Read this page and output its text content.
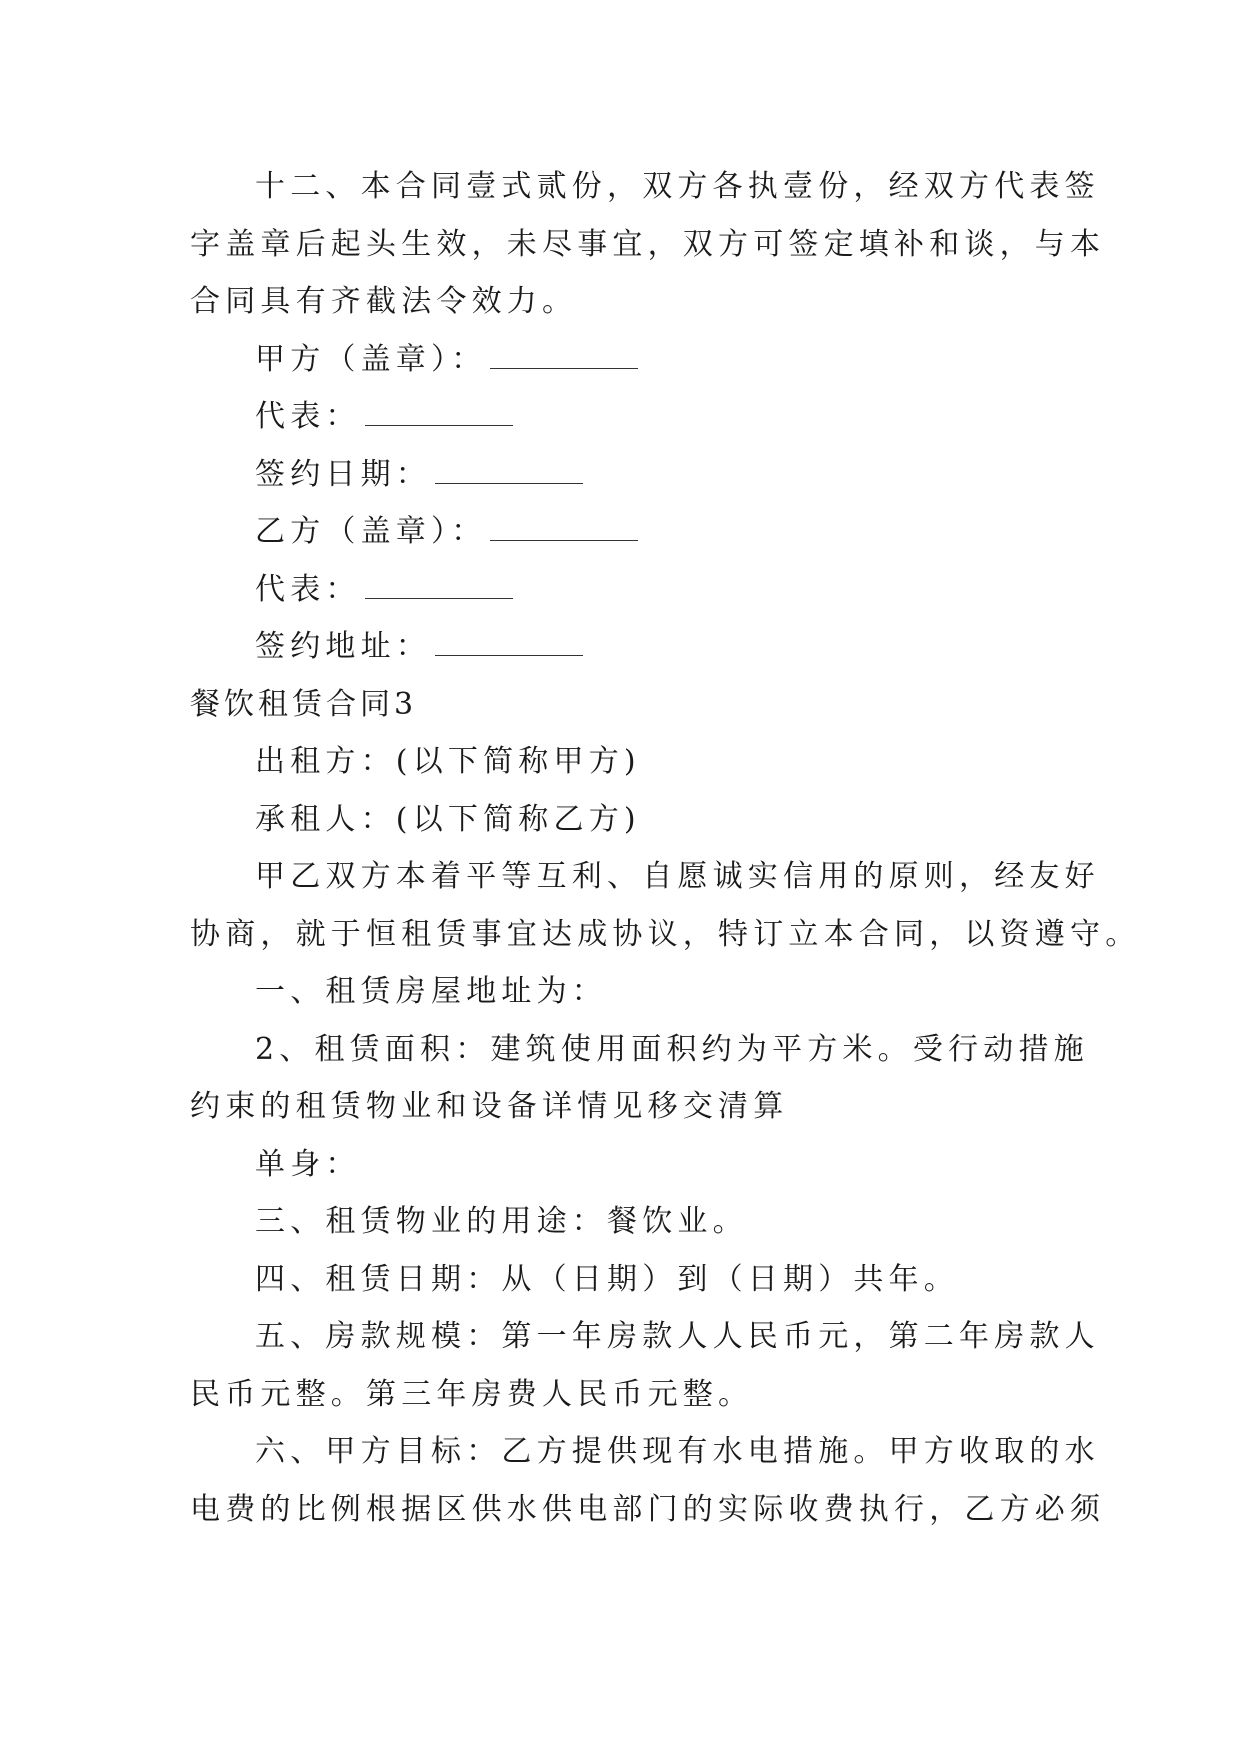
十二、本合同壹式贰份，双方各执壹份，经双方代表签
字盖章后起头生效，未尽事宜，双方可签定填补和谈，与本
合同具有齐截法令效力。
甲方（盖章）：
代表：
签约日期：
乙方（盖章）：
代表：
签约地址：
餐饮租赁合同3
出租方：(以下简称甲方)
承租人：(以下简称乙方)
甲乙双方本着平等互利、自愿诚实信用的原则，经友好
协商，就于恒租赁事宜达成协议，特订立本合同，以资遵守。
一、租赁房屋地址为：
2、租赁面积：建筑使用面积约为平方米。受行动措施
约束的租赁物业和设备详情见移交清算
单身：
三、租赁物业的用途：餐饮业。
四、租赁日期：从（日期）到（日期）共年。
五、房款规模：第一年房款人人民币元，第二年房款人
民币元整。第三年房费人民币元整。
六、甲方目标：乙方提供现有水电措施。甲方收取的水
电费的比例根据区供水供电部门的实际收费执行，乙方必须
